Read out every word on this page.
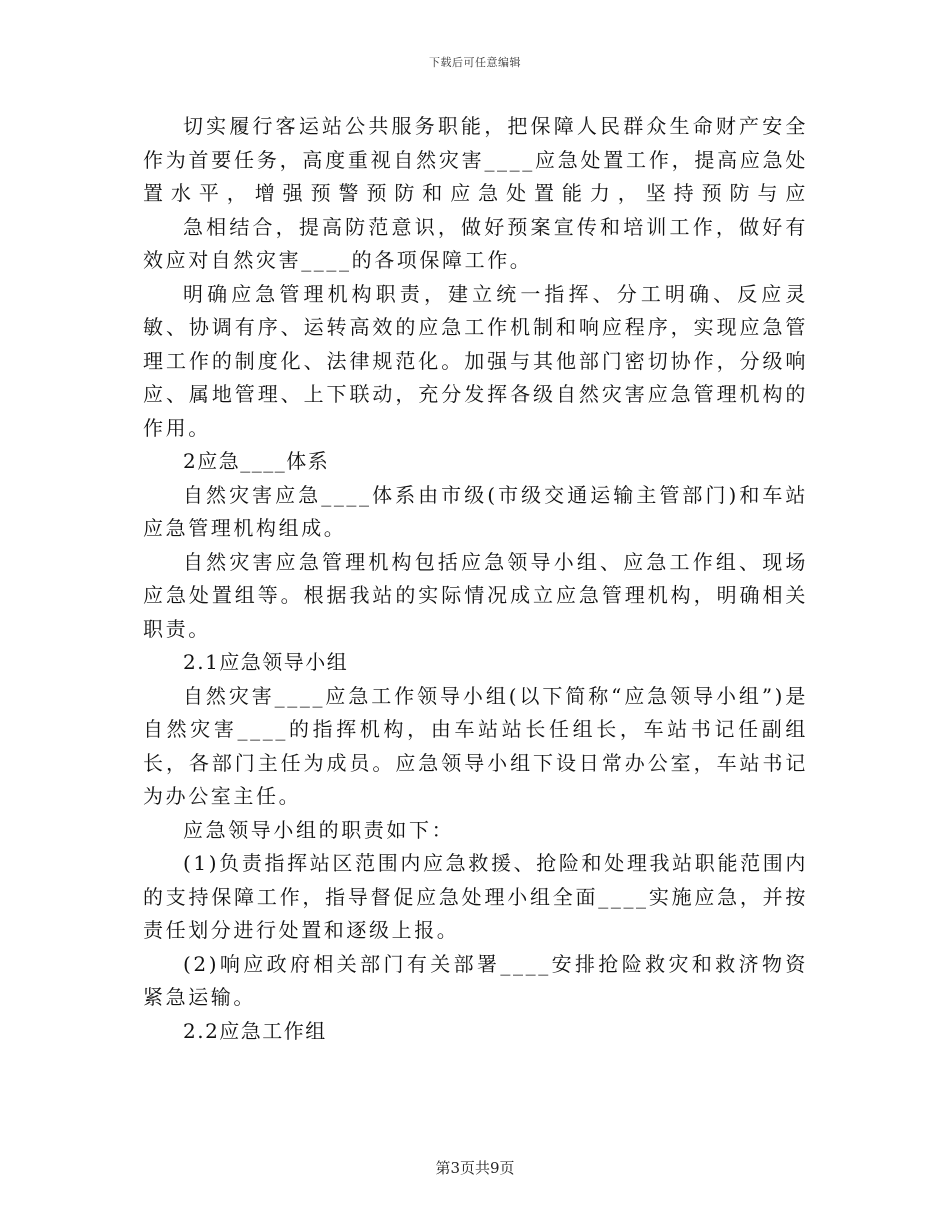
下载后可任意编辑

切实履行客运站公共服务职能，把保障人民群众生命财产安全作为首要任务，高度重视自然灾害____应急处置工作，提高应急处置水平，增强预警预防和应急处置能力，坚持预防与应

急相结合，提高防范意识，做好预案宣传和培训工作，做好有效应对自然灾害____的各项保障工作。

明确应急管理机构职责，建立统一指挥、分工明确、反应灵敏、协调有序、运转高效的应急工作机制和响应程序，实现应急管理工作的制度化、法律规范化。加强与其他部门密切协作，分级响应、属地管理、上下联动，充分发挥各级自然灾害应急管理机构的作用。

2应急____体系

自然灾害应急____体系由市级(市级交通运输主管部门)和车站应急管理机构组成。

自然灾害应急管理机构包括应急领导小组、应急工作组、现场应急处置组等。根据我站的实际情况成立应急管理机构，明确相关职责。

2.1应急领导小组

自然灾害____应急工作领导小组(以下简称“应急领导小组”)是自然灾害____的指挥机构，由车站站长任组长，车站书记任副组长，各部门主任为成员。应急领导小组下设日常办公室，车站书记为办公室主任。

应急领导小组的职责如下：

(1)负责指挥站区范围内应急救援、抢险和处理我站职能范围内的支持保障工作，指导督促应急处理小组全面____实施应急，并按责任划分进行处置和逐级上报。

(2)响应政府相关部门有关部署____安排抢险救灾和救济物资紧急运输。

2.2应急工作组

第3页共9页
